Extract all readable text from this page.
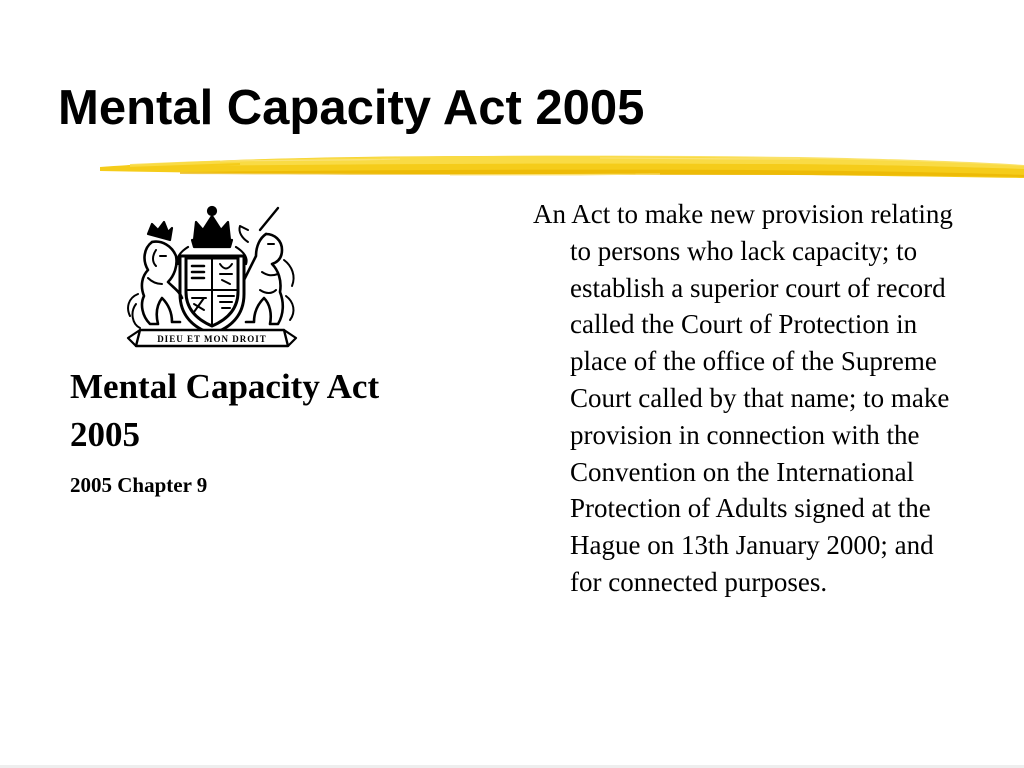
Mental Capacity Act 2005
DIEU ET MON DROIT
Mental Capacity Act 2005

2005 Chapter 9

An Act to make new provision relating to persons who lack capacity; to establish a superior court of record called the Court of Protection in place of the office of the Supreme Court called by that name; to make provision in connection with the Convention on the International Protection of Adults signed at the Hague on 13th January 2000; and for connected purposes.
